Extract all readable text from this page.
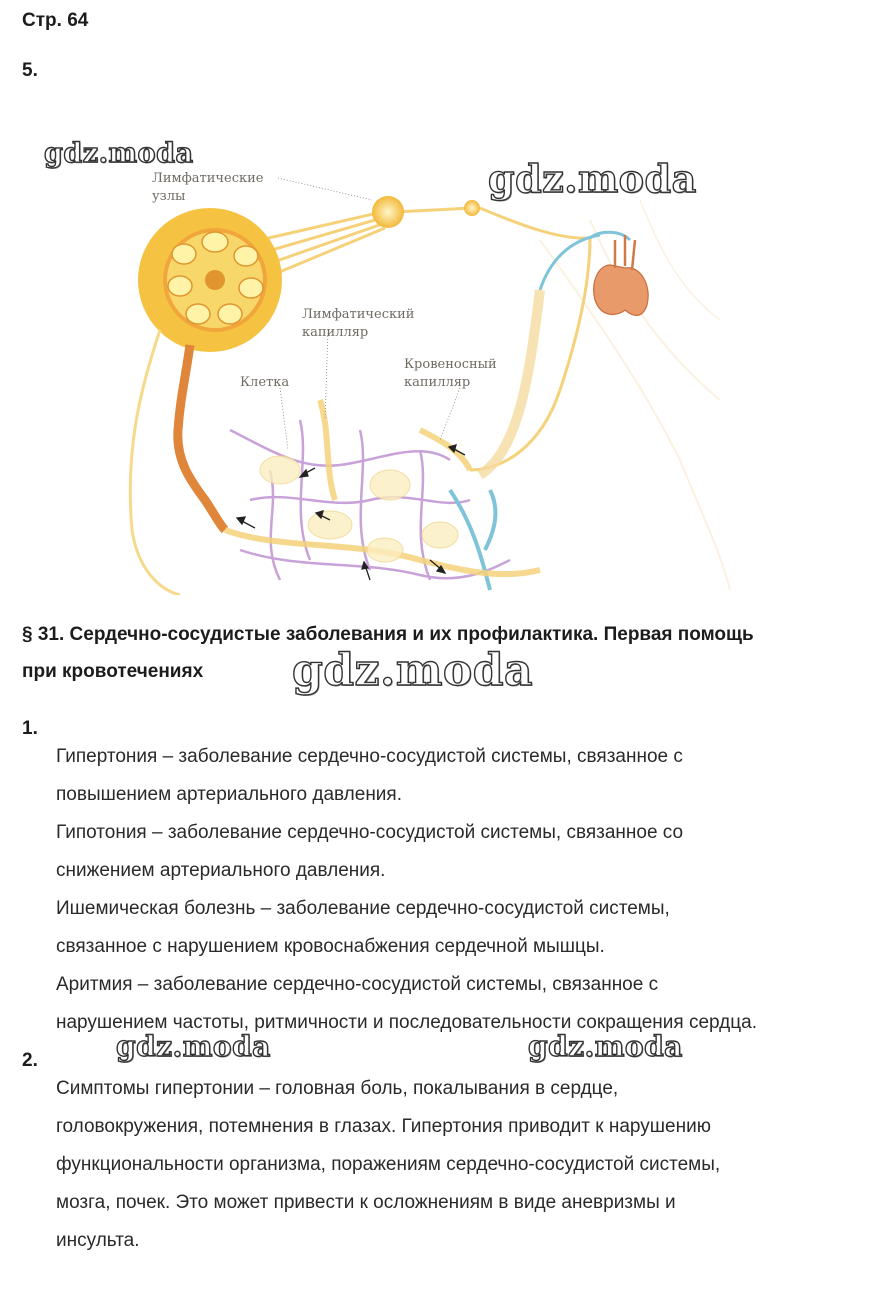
Стр. 64
5.
Лимфатические
узлы
Лимфатический
капилляр
Клетка
Кровеносный
капилляр
§ 31. Сердечно-сосудистые заболевания и их профилактика. Первая помощь
при кровотечениях
1.
Гипертония – заболевание сердечно-сосудистой системы, связанное с
повышением артериального давления.
Гипотония – заболевание сердечно-сосудистой системы, связанное со
снижением артериального давления.
Ишемическая болезнь – заболевание сердечно-сосудистой системы,
связанное с нарушением кровоснабжения сердечной мышцы.
Аритмия – заболевание сердечно-сосудистой системы, связанное с
нарушением частоты, ритмичности и последовательности сокращения сердца.
2.
Симптомы гипертонии – головная боль, покалывания в сердце,
головокружения, потемнения в глазах. Гипертония приводит к нарушению
функциональности организма, поражениям сердечно-сосудистой системы,
мозга, почек. Это может привести к осложнениям в виде аневризмы и
инсульта.
gdz.moda
gdz.moda
gdz.moda
gdz.moda	gdz.moda
